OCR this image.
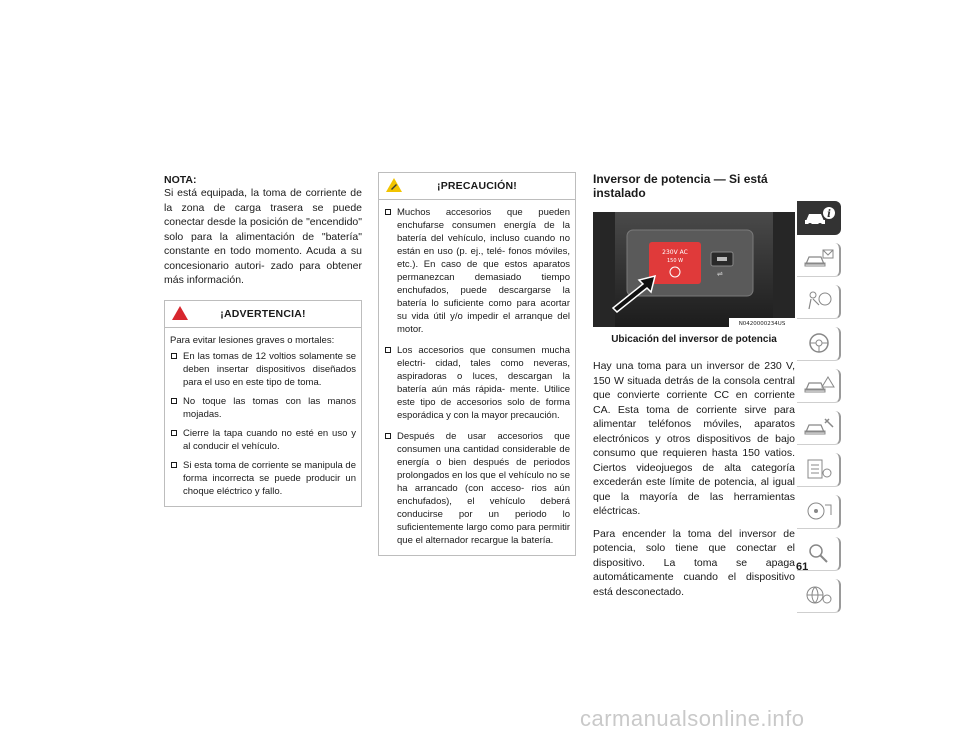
NOTA:

Si está equipada, la toma de corriente de la zona de carga trasera se puede conectar desde la posición de "encendido" solo para la alimentación de "batería" constante en todo momento. Acuda a su concesionario autori- zado para obtener más información.

¡ADVERTENCIA!

Para evitar lesiones graves o mortales:

En las tomas de 12 voltios solamente se deben insertar dispositivos diseñados para el uso en este tipo de toma.
No toque las tomas con las manos mojadas.
Cierre la tapa cuando no esté en uso y al conducir el vehículo.
Si esta toma de corriente se manipula de forma incorrecta se puede producir un choque eléctrico y fallo.
¡PRECAUCIÓN!
Muchos accesorios que pueden enchufarse consumen energía de la batería del vehículo, incluso cuando no están en uso (p. ej., telé- fonos móviles, etc.). En caso de que estos aparatos permanezcan demasiado tiempo enchufados, puede descargarse la batería lo suficiente como para acortar su vida útil y/o impedir el arranque del motor.
Los accesorios que consumen mucha electri- cidad, tales como neveras, aspiradoras o luces, descargan la batería aún más rápida- mente. Utilice este tipo de accesorios solo de forma esporádica y con la mayor precaución.
Después de usar accesorios que consumen una cantidad considerable de energía o bien después de periodos prolongados en los que el vehículo no se ha arrancado (con acceso- rios aún enchufados), el vehículo deberá conducirse por un periodo lo suficientemente largo como para permitir que el alternador recargue la batería.
Inversor de potencia — Si está instalado
230V AC
150 W
⇌
N0420000234US

Ubicación del inversor de potencia

Hay una toma para un inversor de 230 V, 150 W situada detrás de la consola central que convierte corriente CC en corriente CA. Esta toma de corriente sirve para alimentar teléfonos móviles, aparatos electrónicos y otros dispositivos de bajo consumo que requieren hasta 150 vatios. Ciertos videojuegos de alta categoría excederán este límite de potencia, al igual que la mayoría de las herramientas eléctricas.

Para encender la toma del inversor de potencia, solo tiene que conectar el dispositivo. La toma se apaga automáticamente cuando el dispositivo está desconectado.

i
61
carmanualsonline.info
